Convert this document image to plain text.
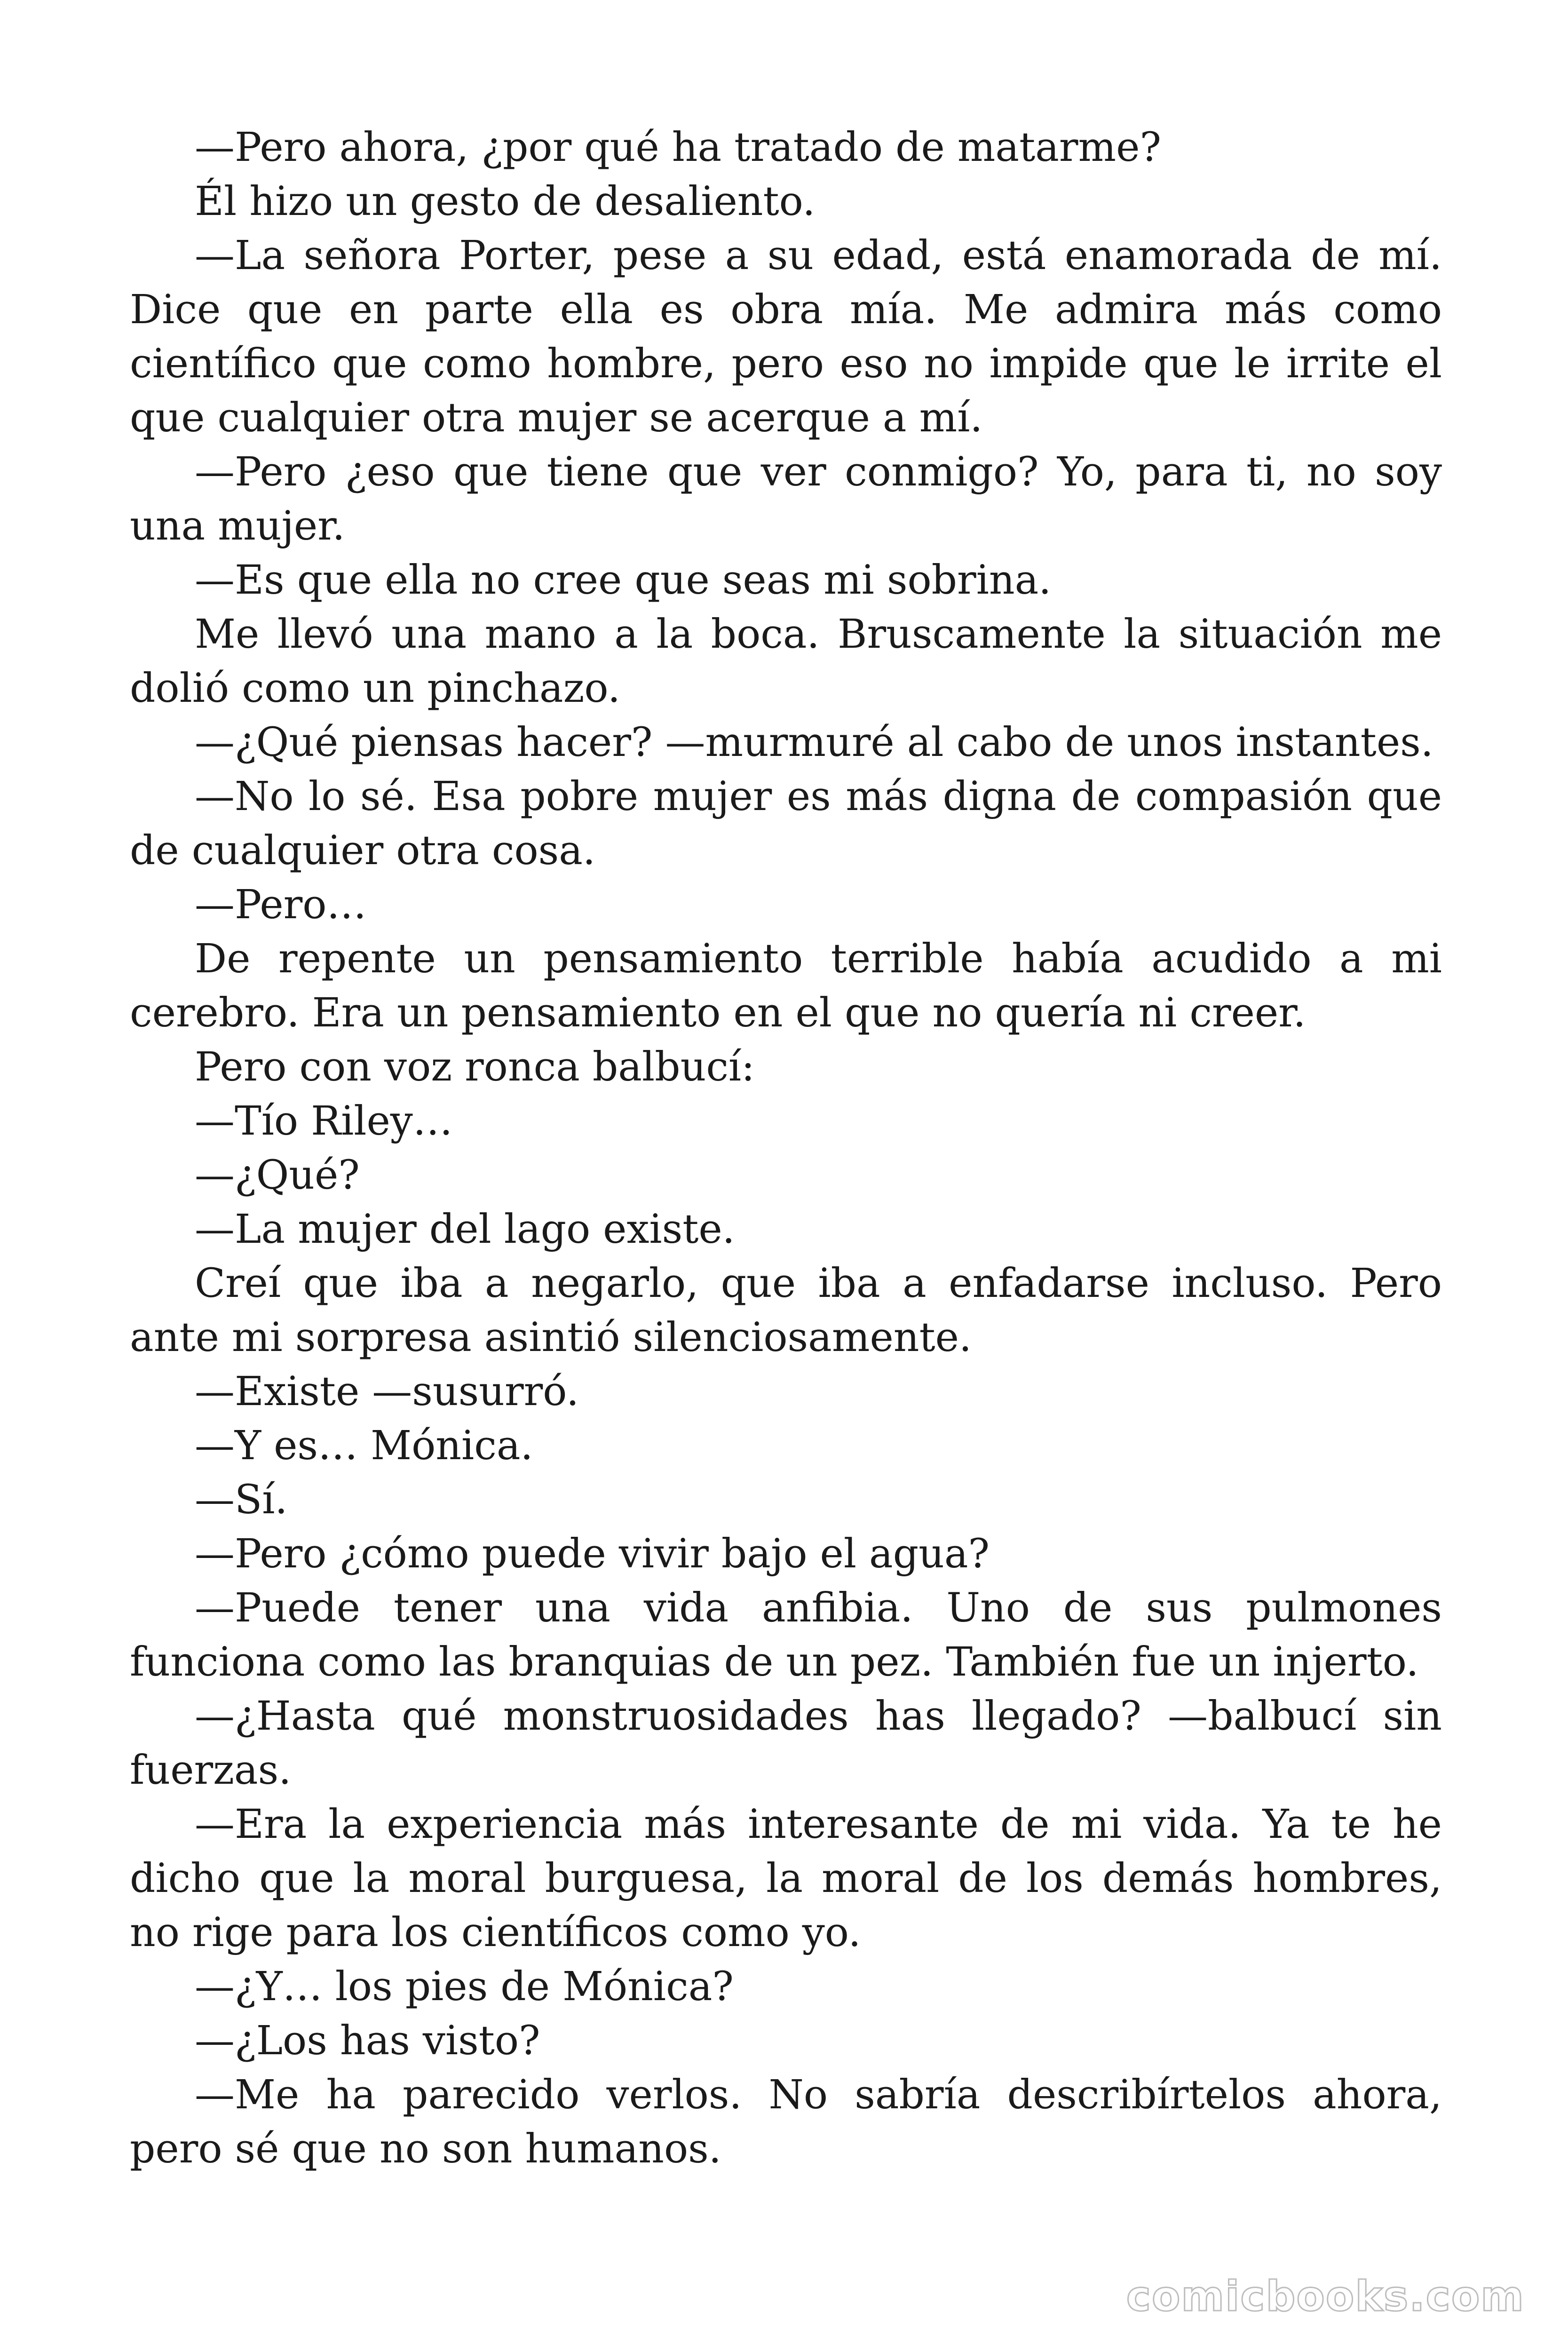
—Pero ahora, ¿por qué ha tratado de matarme?

Él hizo un gesto de desaliento.

—La señora Porter, pese a su edad, está enamorada de mí. Dice que en parte ella es obra mía. Me admira más como científico que como hombre, pero eso no impide que le irrite el que cualquier otra mujer se acerque a mí.

—Pero ¿eso que tiene que ver conmigo? Yo, para ti, no soy una mujer.

—Es que ella no cree que seas mi sobrina.

Me llevó una mano a la boca. Bruscamente la situación me dolió como un pinchazo.

—¿Qué piensas hacer? —murmuré al cabo de unos instantes.

—No lo sé. Esa pobre mujer es más digna de compasión que de cualquier otra cosa.

—Pero…

De repente un pensamiento terrible había acudido a mi cerebro. Era un pensamiento en el que no quería ni creer.

Pero con voz ronca balbucí:

—Tío Riley…

—¿Qué?

—La mujer del lago existe.

Creí que iba a negarlo, que iba a enfadarse incluso. Pero ante mi sorpresa asintió silenciosamente.

—Existe —susurró.

—Y es… Mónica.

—Sí.

—Pero ¿cómo puede vivir bajo el agua?

—Puede tener una vida anfibia. Uno de sus pulmones funciona como las branquias de un pez. También fue un injerto.

—¿Hasta qué monstruosidades has llegado? —balbucí sin fuerzas.

—Era la experiencia más interesante de mi vida. Ya te he dicho que la moral burguesa, la moral de los demás hombres, no rige para los científicos como yo.

—¿Y… los pies de Mónica?

—¿Los has visto?

—Me ha parecido verlos. No sabría describírtelos ahora, pero sé que no son humanos.

comicbooks.com
